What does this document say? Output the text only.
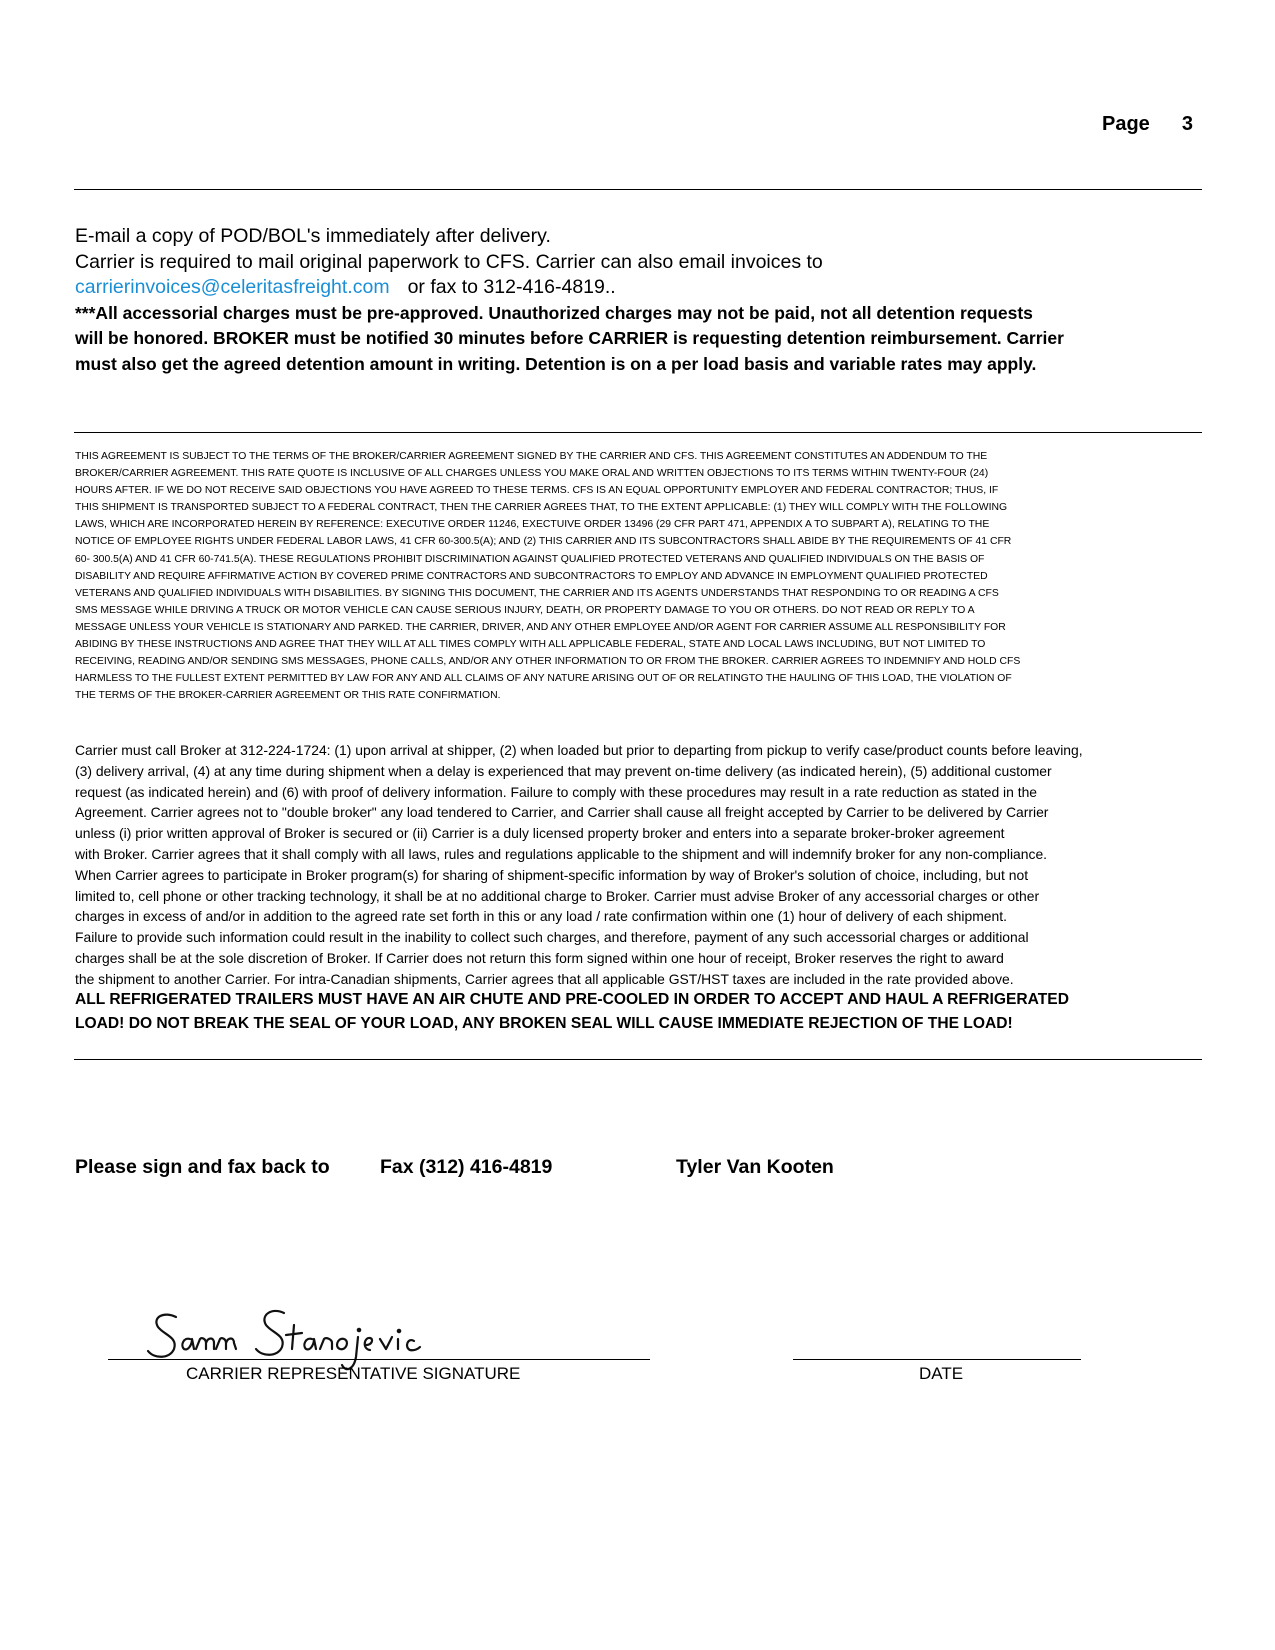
Page 3
E-mail a copy of POD/BOL's immediately after delivery.
Carrier is required to mail original paperwork to CFS. Carrier can also email invoices to
carrierinvoices@celeritasfreight.com or fax to 312-416-4819..
***All accessorial charges must be pre-approved. Unauthorized charges may not be paid, not all detention requests
will be honored. BROKER must be notified 30 minutes before CARRIER is requesting detention reimbursement. Carrier
must also get the agreed detention amount in writing. Detention is on a per load basis and variable rates may apply.
THIS AGREEMENT IS SUBJECT TO THE TERMS OF THE BROKER/CARRIER AGREEMENT SIGNED BY THE CARRIER AND CFS. THIS AGREEMENT CONSTITUTES AN ADDENDUM TO THE
BROKER/CARRIER AGREEMENT. THIS RATE QUOTE IS INCLUSIVE OF ALL CHARGES UNLESS YOU MAKE ORAL AND WRITTEN OBJECTIONS TO ITS TERMS WITHIN TWENTY-FOUR (24)
HOURS AFTER. IF WE DO NOT RECEIVE SAID OBJECTIONS YOU HAVE AGREED TO THESE TERMS. CFS IS AN EQUAL OPPORTUNITY EMPLOYER AND FEDERAL CONTRACTOR; THUS, IF
THIS SHIPMENT IS TRANSPORTED SUBJECT TO A FEDERAL CONTRACT, THEN THE CARRIER AGREES THAT, TO THE EXTENT APPLICABLE: (1) THEY WILL COMPLY WITH THE FOLLOWING
LAWS, WHICH ARE INCORPORATED HEREIN BY REFERENCE: EXECUTIVE ORDER 11246, EXECTUIVE ORDER 13496 (29 CFR PART 471, APPENDIX A TO SUBPART A), RELATING TO THE
NOTICE OF EMPLOYEE RIGHTS UNDER FEDERAL LABOR LAWS, 41 CFR 60-300.5(A); AND (2) THIS CARRIER AND ITS SUBCONTRACTORS SHALL ABIDE BY THE REQUIREMENTS OF 41 CFR
60- 300.5(A) AND 41 CFR 60-741.5(A). THESE REGULATIONS PROHIBIT DISCRIMINATION AGAINST QUALIFIED PROTECTED VETERANS AND QUALIFIED INDIVIDUALS ON THE BASIS OF
DISABILITY AND REQUIRE AFFIRMATIVE ACTION BY COVERED PRIME CONTRACTORS AND SUBCONTRACTORS TO EMPLOY AND ADVANCE IN EMPLOYMENT QUALIFIED PROTECTED
VETERANS AND QUALIFIED INDIVIDUALS WITH DISABILITIES. BY SIGNING THIS DOCUMENT, THE CARRIER AND ITS AGENTS UNDERSTANDS THAT RESPONDING TO OR READING A CFS
SMS MESSAGE WHILE DRIVING A TRUCK OR MOTOR VEHICLE CAN CAUSE SERIOUS INJURY, DEATH, OR PROPERTY DAMAGE TO YOU OR OTHERS. DO NOT READ OR REPLY TO A
MESSAGE UNLESS YOUR VEHICLE IS STATIONARY AND PARKED. THE CARRIER, DRIVER, AND ANY OTHER EMPLOYEE AND/OR AGENT FOR CARRIER ASSUME ALL RESPONSIBILITY FOR
ABIDING BY THESE INSTRUCTIONS AND AGREE THAT THEY WILL AT ALL TIMES COMPLY WITH ALL APPLICABLE FEDERAL, STATE AND LOCAL LAWS INCLUDING, BUT NOT LIMITED TO
RECEIVING, READING AND/OR SENDING SMS MESSAGES, PHONE CALLS, AND/OR ANY OTHER INFORMATION TO OR FROM THE BROKER. CARRIER AGREES TO INDEMNIFY AND HOLD CFS
HARMLESS TO THE FULLEST EXTENT PERMITTED BY LAW FOR ANY AND ALL CLAIMS OF ANY NATURE ARISING OUT OF OR RELATINGTO THE HAULING OF THIS LOAD, THE VIOLATION OF
THE TERMS OF THE BROKER-CARRIER AGREEMENT OR THIS RATE CONFIRMATION.
Carrier must call Broker at 312-224-1724: (1) upon arrival at shipper, (2) when loaded but prior to departing from pickup to verify case/product counts before leaving,
(3) delivery arrival, (4) at any time during shipment when a delay is experienced that may prevent on-time delivery (as indicated herein), (5) additional customer
request (as indicated herein) and (6) with proof of delivery information. Failure to comply with these procedures may result in a rate reduction as stated in the
Agreement. Carrier agrees not to "double broker" any load tendered to Carrier, and Carrier shall cause all freight accepted by Carrier to be delivered by Carrier
unless (i) prior written approval of Broker is secured or (ii) Carrier is a duly licensed property broker and enters into a separate broker-broker agreement
with Broker. Carrier agrees that it shall comply with all laws, rules and regulations applicable to the shipment and will indemnify broker for any non-compliance.
When Carrier agrees to participate in Broker program(s) for sharing of shipment-specific information by way of Broker's solution of choice, including, but not
limited to, cell phone or other tracking technology, it shall be at no additional charge to Broker. Carrier must advise Broker of any accessorial charges or other
charges in excess of and/or in addition to the agreed rate set forth in this or any load / rate confirmation within one (1) hour of delivery of each shipment.
Failure to provide such information could result in the inability to collect such charges, and therefore, payment of any such accessorial charges or additional
charges shall be at the sole discretion of Broker. If Carrier does not return this form signed within one hour of receipt, Broker reserves the right to award
the shipment to another Carrier. For intra-Canadian shipments, Carrier agrees that all applicable GST/HST taxes are included in the rate provided above.
ALL REFRIGERATED TRAILERS MUST HAVE AN AIR CHUTE AND PRE-COOLED IN ORDER TO ACCEPT AND HAUL A REFRIGERATED
LOAD! DO NOT BREAK THE SEAL OF YOUR LOAD, ANY BROKEN SEAL WILL CAUSE IMMEDIATE REJECTION OF THE LOAD!
Please sign and fax back to	Fax (312) 416-4819	Tyler Van Kooten
CARRIER REPRESENTATIVE SIGNATURE	DATE
